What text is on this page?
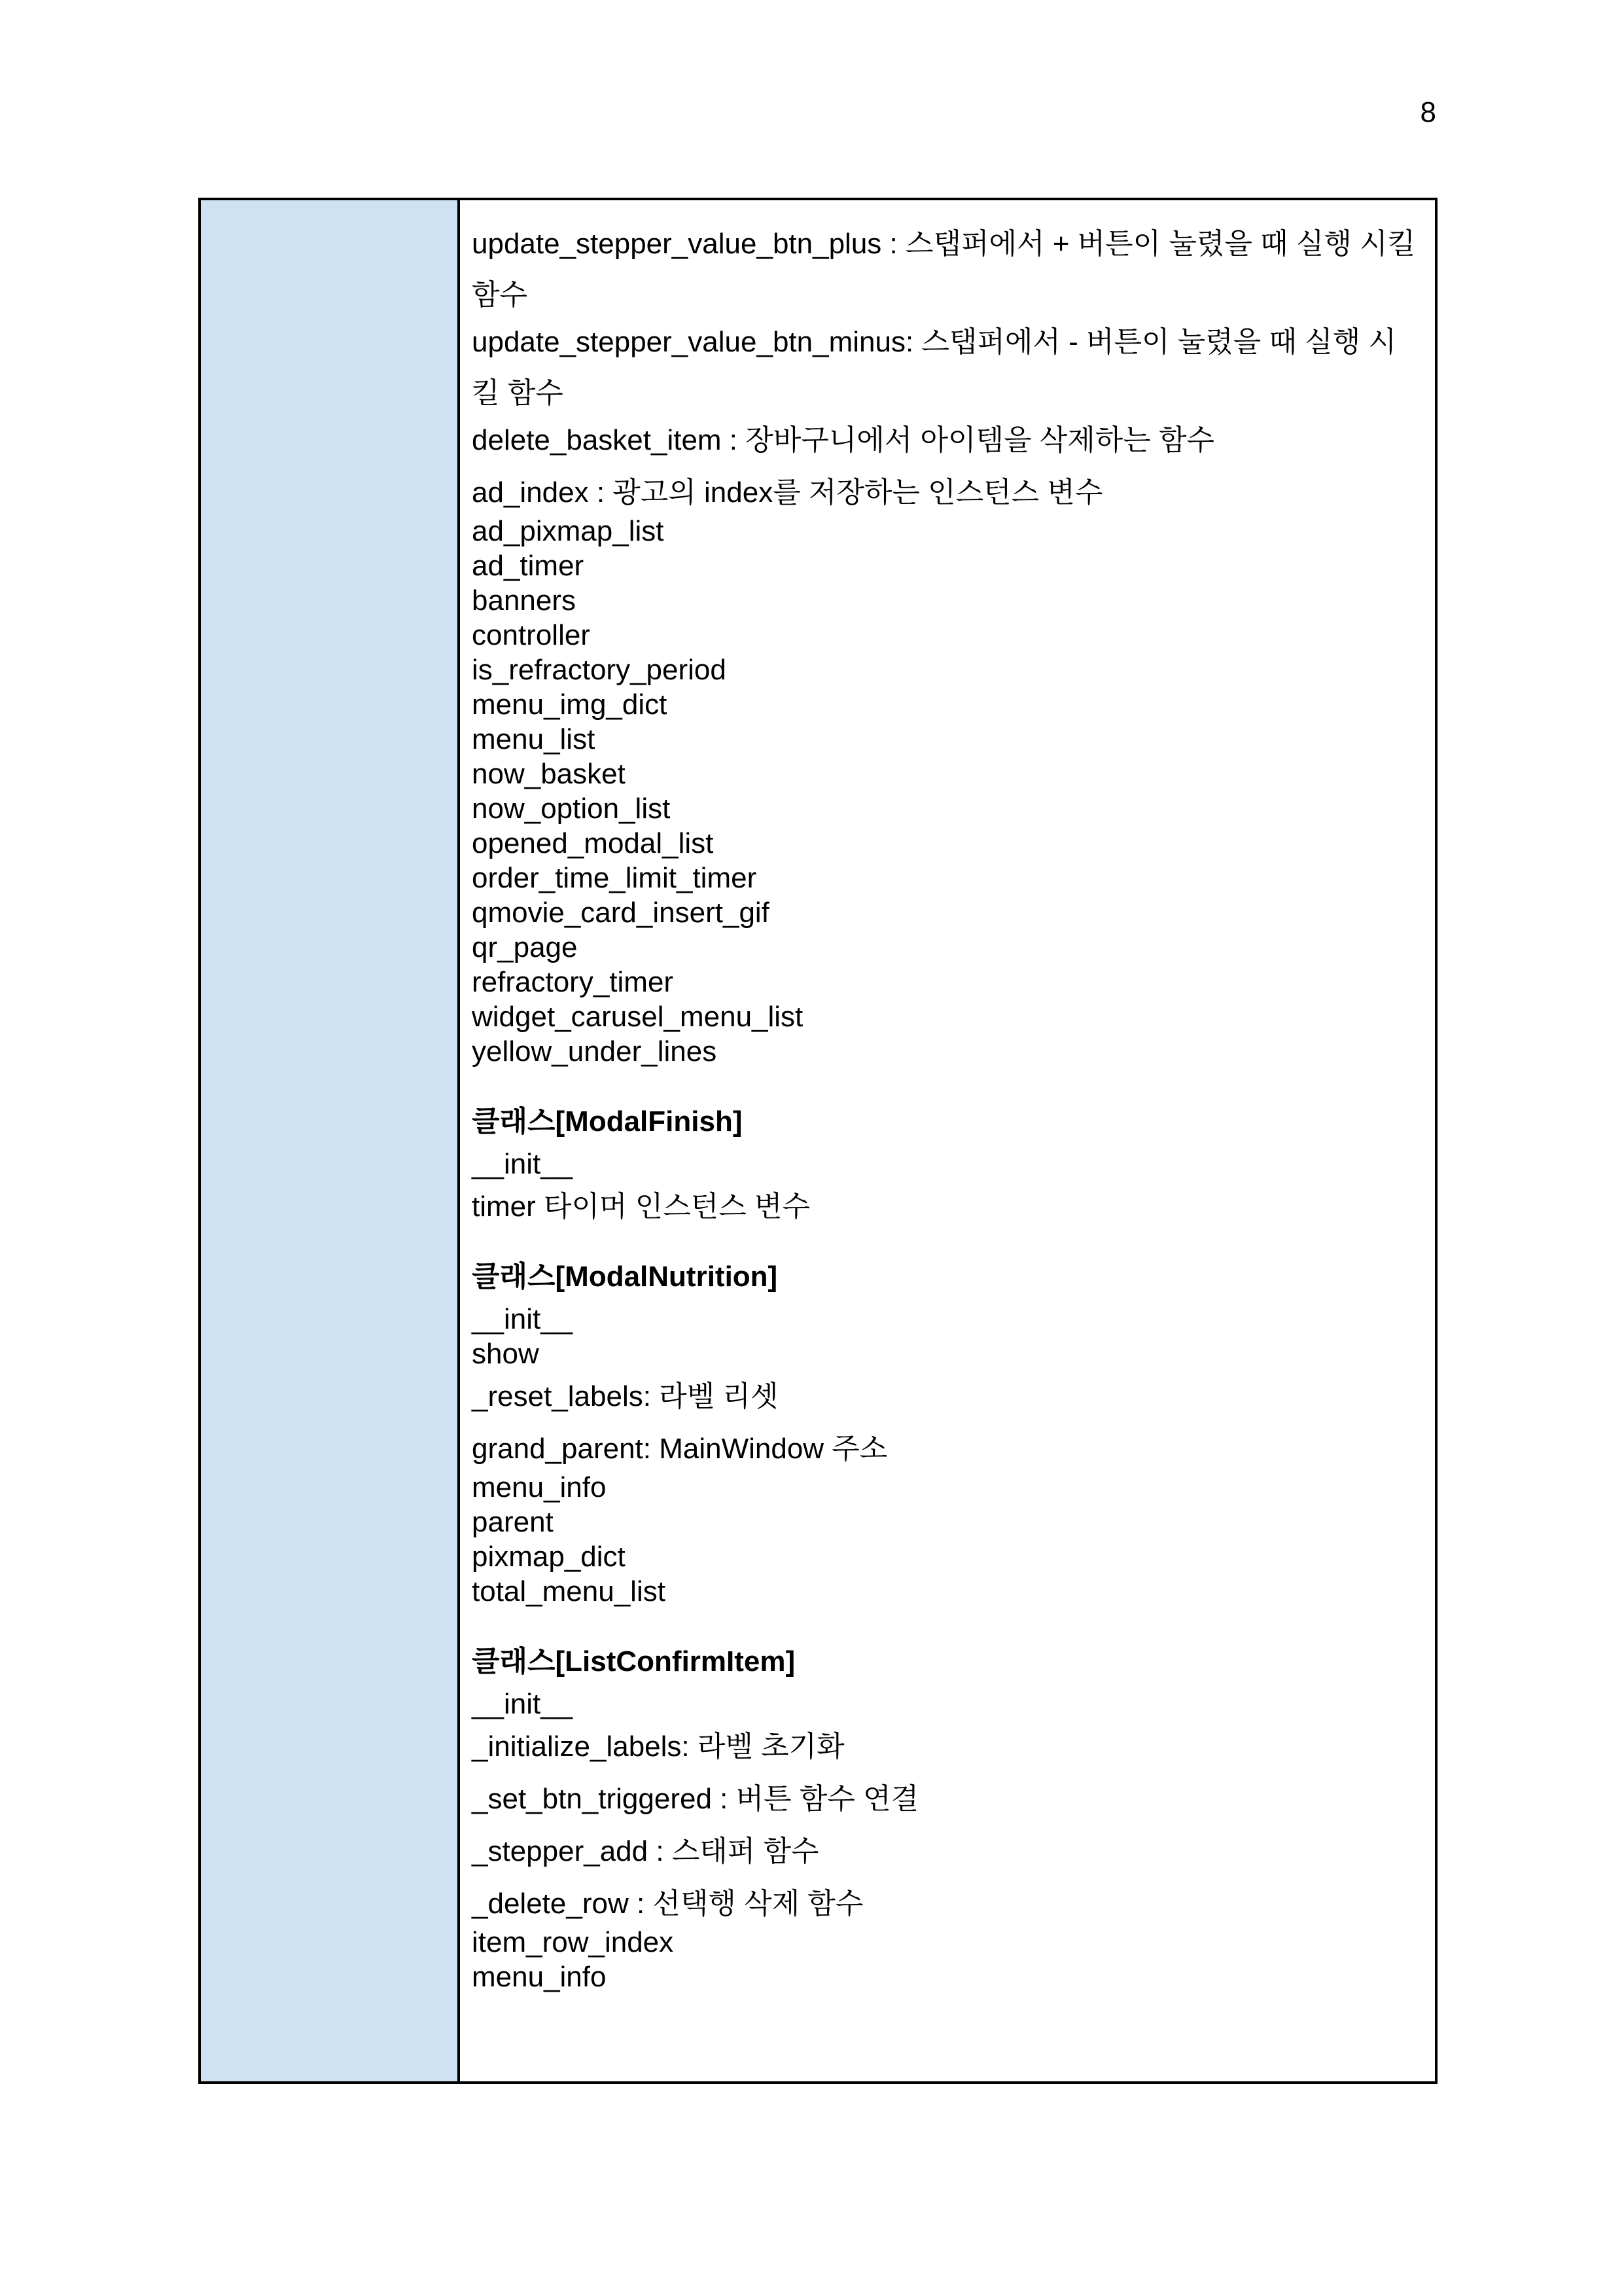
8
update_stepper_value_btn_plus : 스탭퍼에서 + 버튼이 눌렸을 때 실행 시킬 함수
update_stepper_value_btn_minus: 스탭퍼에서 - 버튼이 눌렸을 때 실행 시킬 함수
delete_basket_item : 장바구니에서 아이템을 삭제하는 함수
ad_index : 광고의 index를 저장하는 인스턴스 변수
ad_pixmap_list
ad_timer
banners
controller
is_refractory_period
menu_img_dict
menu_list
now_basket
now_option_list
opened_modal_list
order_time_limit_timer
qmovie_card_insert_gif
qr_page
refractory_timer
widget_carusel_menu_list
yellow_under_lines
클래스[ModalFinish]
__init__
timer 타이머 인스턴스 변수
클래스[ModalNutrition]
__init__
show
_reset_labels: 라벨 리셋
grand_parent: MainWindow 주소
menu_info
parent
pixmap_dict
total_menu_list
클래스[ListConfirmItem]
__init__
_initialize_labels: 라벨 초기화
_set_btn_triggered : 버튼 함수 연결
_stepper_add : 스태퍼 함수
_delete_row : 선택행 삭제 함수
item_row_index
menu_info
